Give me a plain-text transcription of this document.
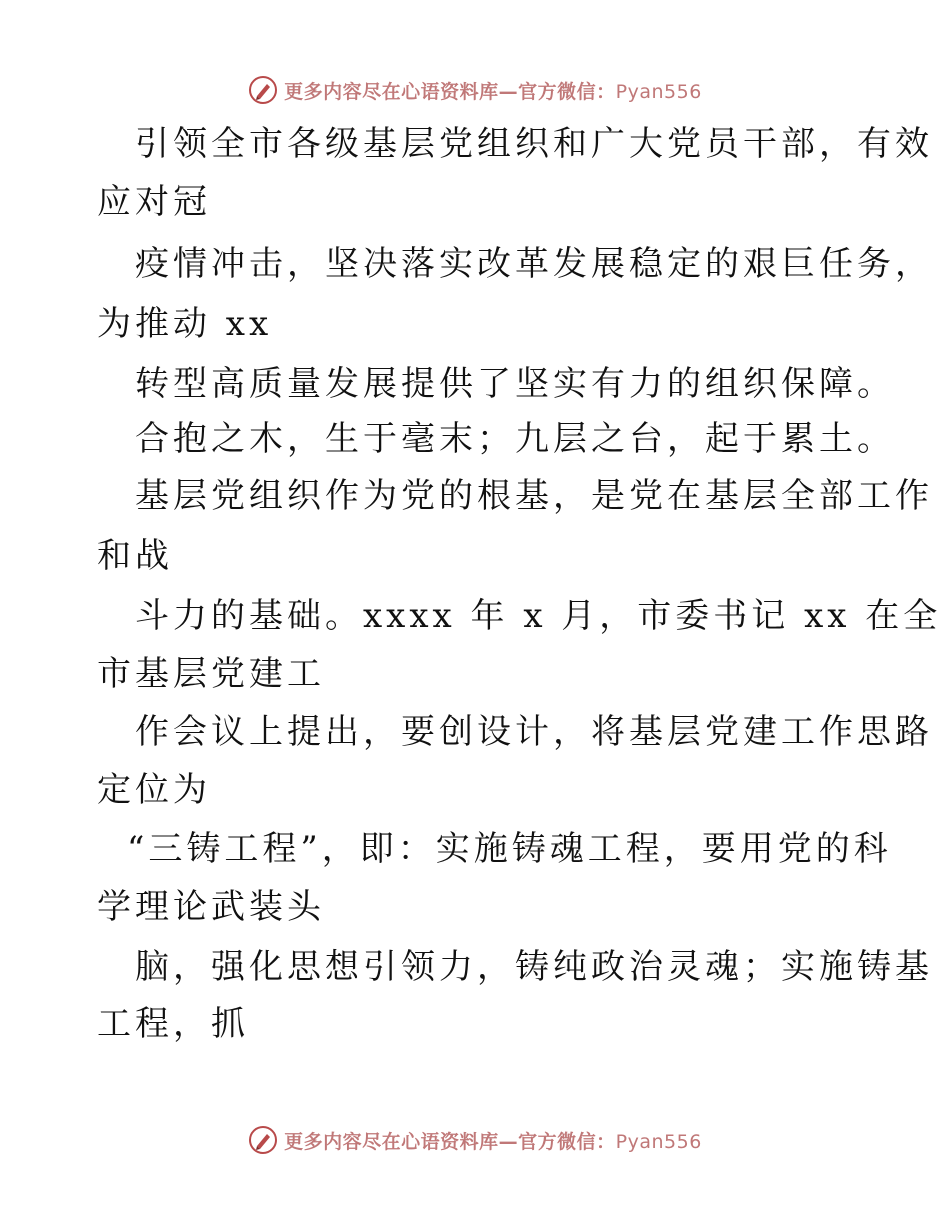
更多内容尽在心语资料库—官方微信：Pyan556
引领全市各级基层党组织和广大党员干部，有效
应对冠
疫情冲击，坚决落实改革发展稳定的艰巨任务，
为推动 xx
转型高质量发展提供了坚实有力的组织保障。
合抱之木，生于毫末；九层之台，起于累土。
基层党组织作为党的根基，是党在基层全部工作
和战
斗力的基础。xxxx 年 x 月，市委书记 xx 在全
市基层党建工
作会议上提出，要创设计，将基层党建工作思路
定位为
“三铸工程”，即：实施铸魂工程，要用党的科
学理论武装头
脑，强化思想引领力，铸纯政治灵魂；实施铸基
工程，抓
更多内容尽在心语资料库—官方微信：Pyan556
